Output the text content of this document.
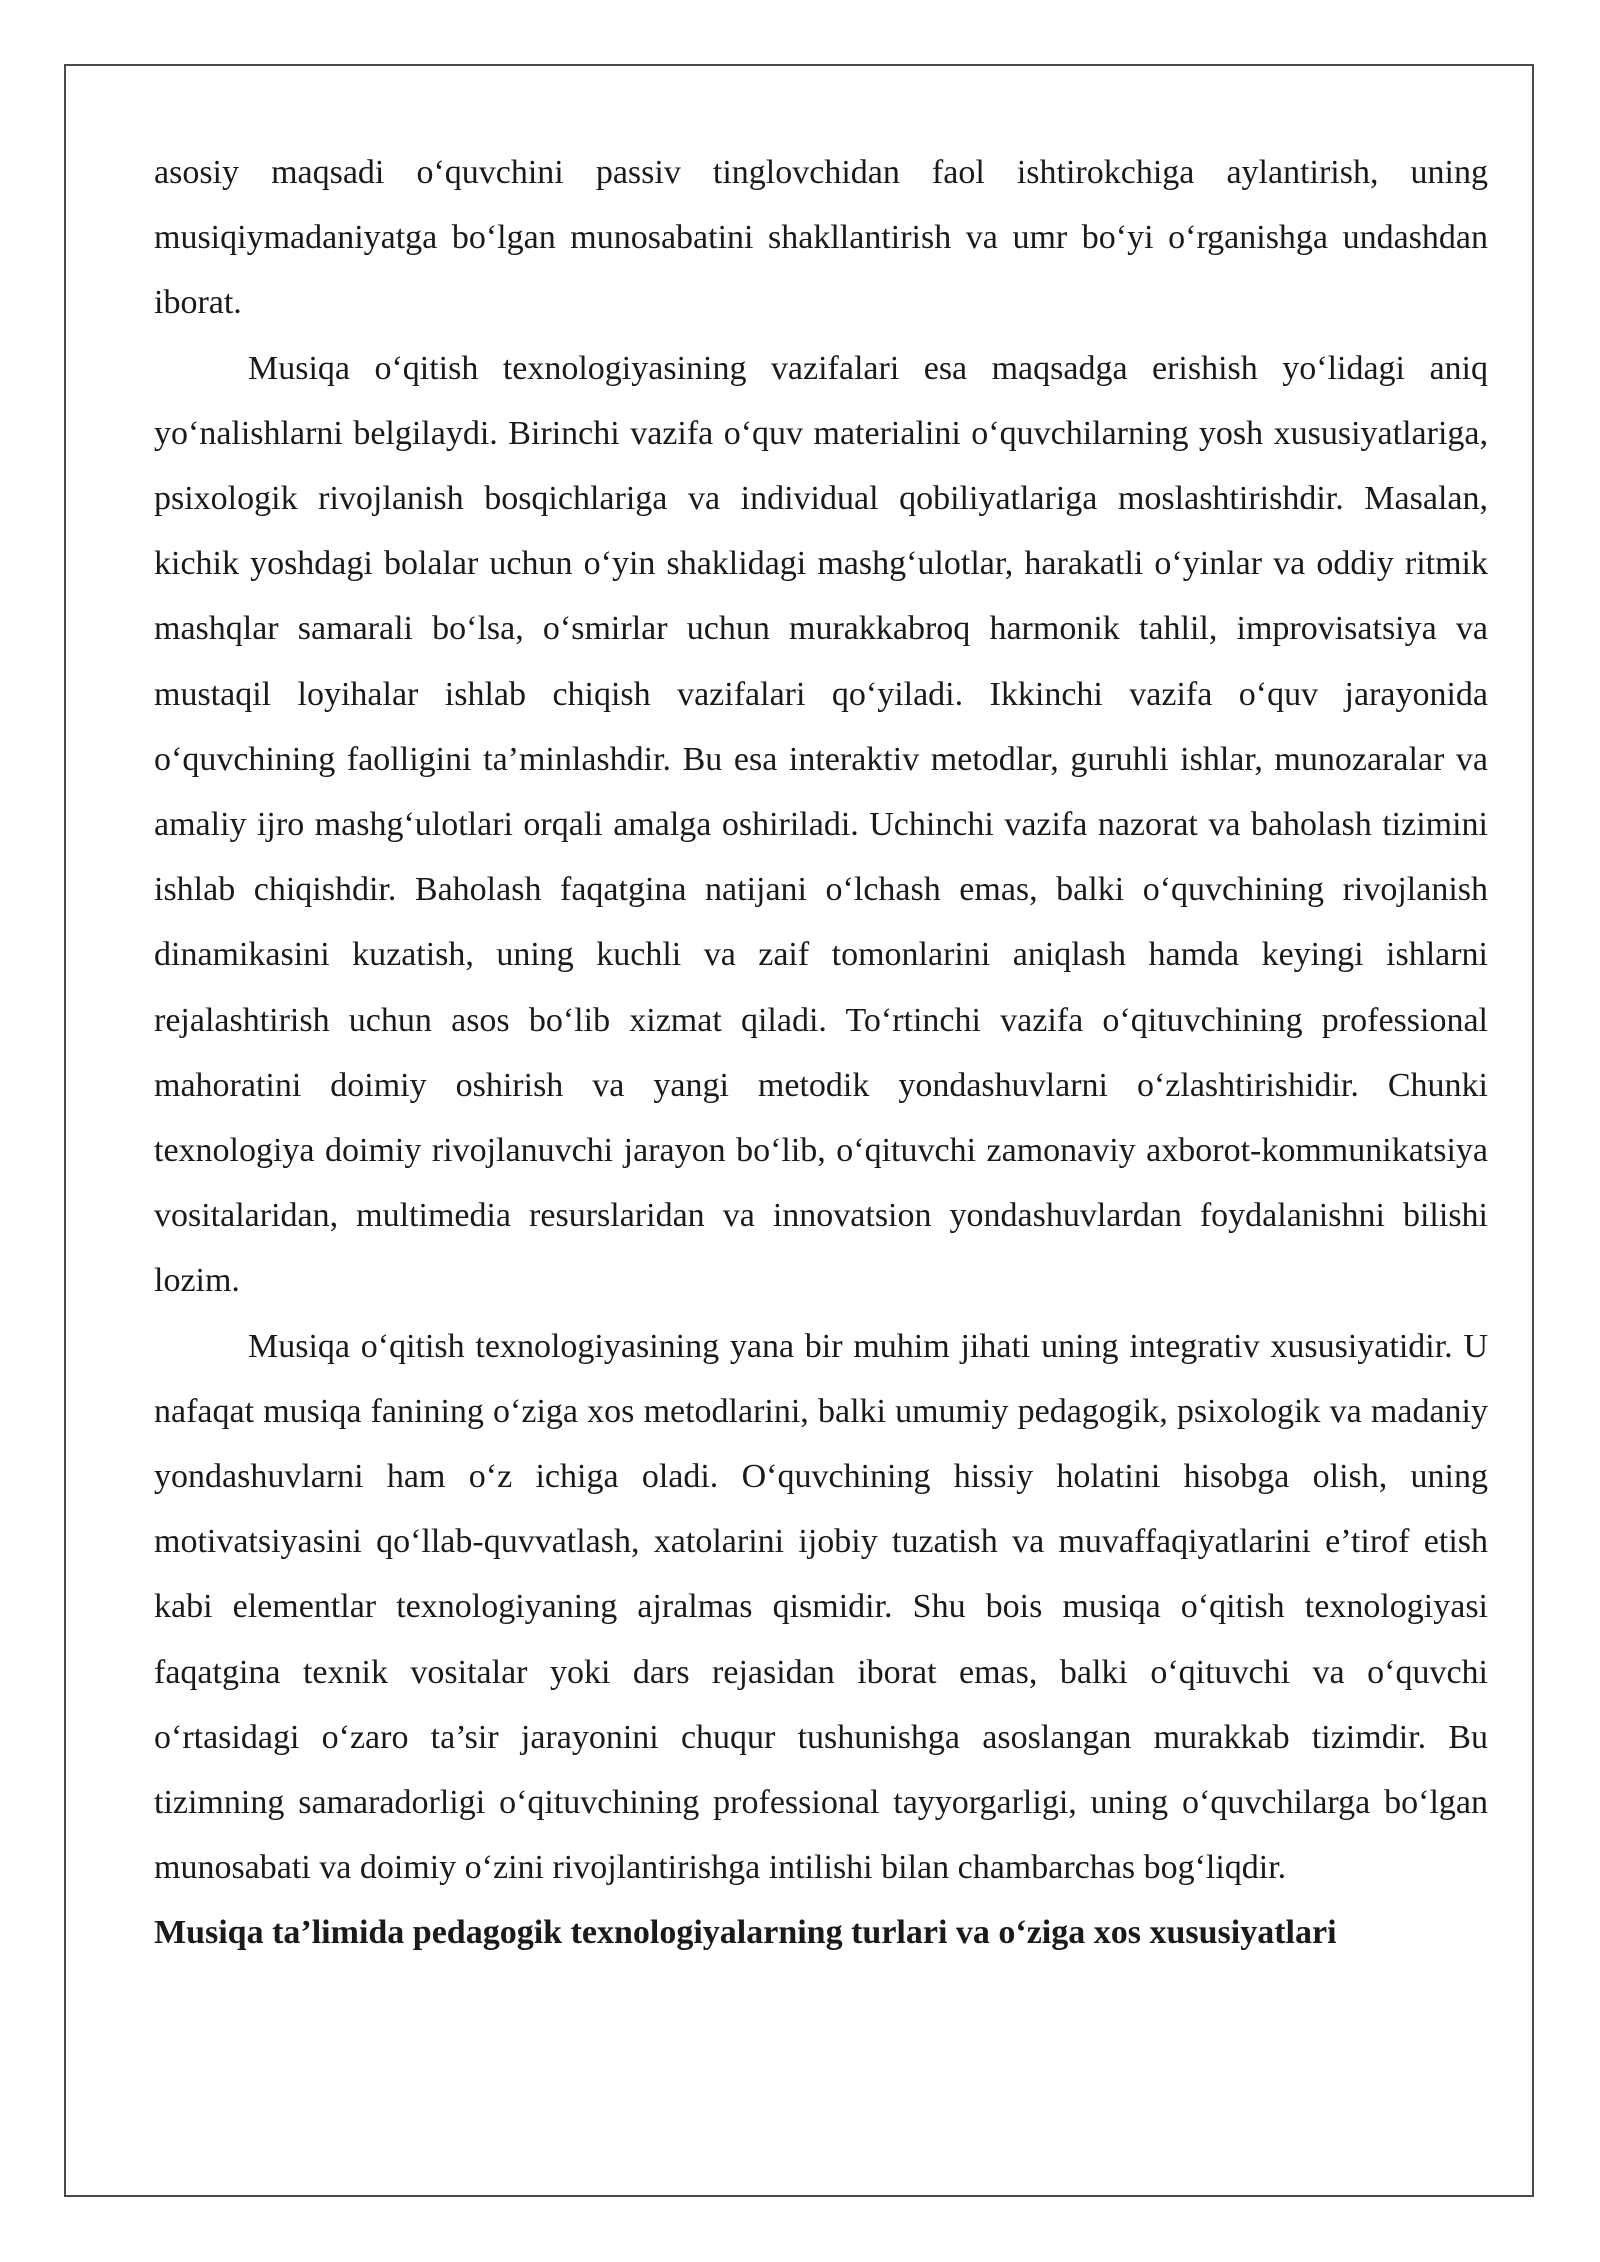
asosiy maqsadi o‘quvchini passiv tinglovchidan faol ishtirokchiga aylantirish, uning musiqiymadaniyatga bo‘lgan munosabatini shakllantirish va umr bo‘yi o‘rganishga undashdan iborat.

Musiqa o‘qitish texnologiyasining vazifalari esa maqsadga erishish yo‘lidagi aniq yo‘nalishlarni belgilaydi. Birinchi vazifa o‘quv materialini o‘quvchilarning yosh xususiyatlariga, psixologik rivojlanish bosqichlariga va individual qobiliyatlariga moslashtirishdir. Masalan, kichik yoshdagi bolalar uchun o‘yin shaklidagi mashg‘ulotlar, harakatli o‘yinlar va oddiy ritmik mashqlar samarali bo‘lsa, o‘smirlar uchun murakkabroq harmonik tahlil, improvisatsiya va mustaqil loyihalar ishlab chiqish vazifalari qo‘yiladi. Ikkinchi vazifa o‘quv jarayonida o‘quvchining faolligini ta’minlashdir. Bu esa interaktiv metodlar, guruhli ishlar, munozaralar va amaliy ijro mashg‘ulotlari orqali amalga oshiriladi. Uchinchi vazifa nazorat va baholash tizimini ishlab chiqishdir. Baholash faqatgina natijani o‘lchash emas, balki o‘quvchining rivojlanish dinamikasini kuzatish, uning kuchli va zaif tomonlarini aniqlash hamda keyingi ishlarni rejalashtirish uchun asos bo‘lib xizmat qiladi. To‘rtinchi vazifa o‘qituvchining professional mahoratini doimiy oshirish va yangi metodik yondashuvlarni o‘zlashtirishidir. Chunki texnologiya doimiy rivojlanuvchi jarayon bo‘lib, o‘qituvchi zamonaviy axborot-kommunikatsiya vositalaridan, multimedia resurslaridan va innovatsion yondashuvlardan foydalanishni bilishi lozim.

Musiqa o‘qitish texnologiyasining yana bir muhim jihati uning integrativ xususiyatidir. U nafaqat musiqa fanining o‘ziga xos metodlarini, balki umumiy pedagogik, psixologik va madaniy yondashuvlarni ham o‘z ichiga oladi. O‘quvchining hissiy holatini hisobga olish, uning motivatsiyasini qo‘llab-quvvatlash, xatolarini ijobiy tuzatish va muvaffaqiyatlarini e’tirof etish kabi elementlar texnologiyaning ajralmas qismidir. Shu bois musiqa o‘qitish texnologiyasi faqatgina texnik vositalar yoki dars rejasidan iborat emas, balki o‘qituvchi va o‘quvchi o‘rtasidagi o‘zaro ta’sir jarayonini chuqur tushunishga asoslangan murakkab tizimdir. Bu tizimning samaradorligi o‘qituvchining professional tayyorgarligi, uning o‘quvchilarga bo‘lgan munosabati va doimiy o‘zini rivojlantirishga intilishi bilan chambarchas bog‘liqdir.

Musiqa ta’limida pedagogik texnologiyalarning turlari va o‘ziga xos xususiyatlari
